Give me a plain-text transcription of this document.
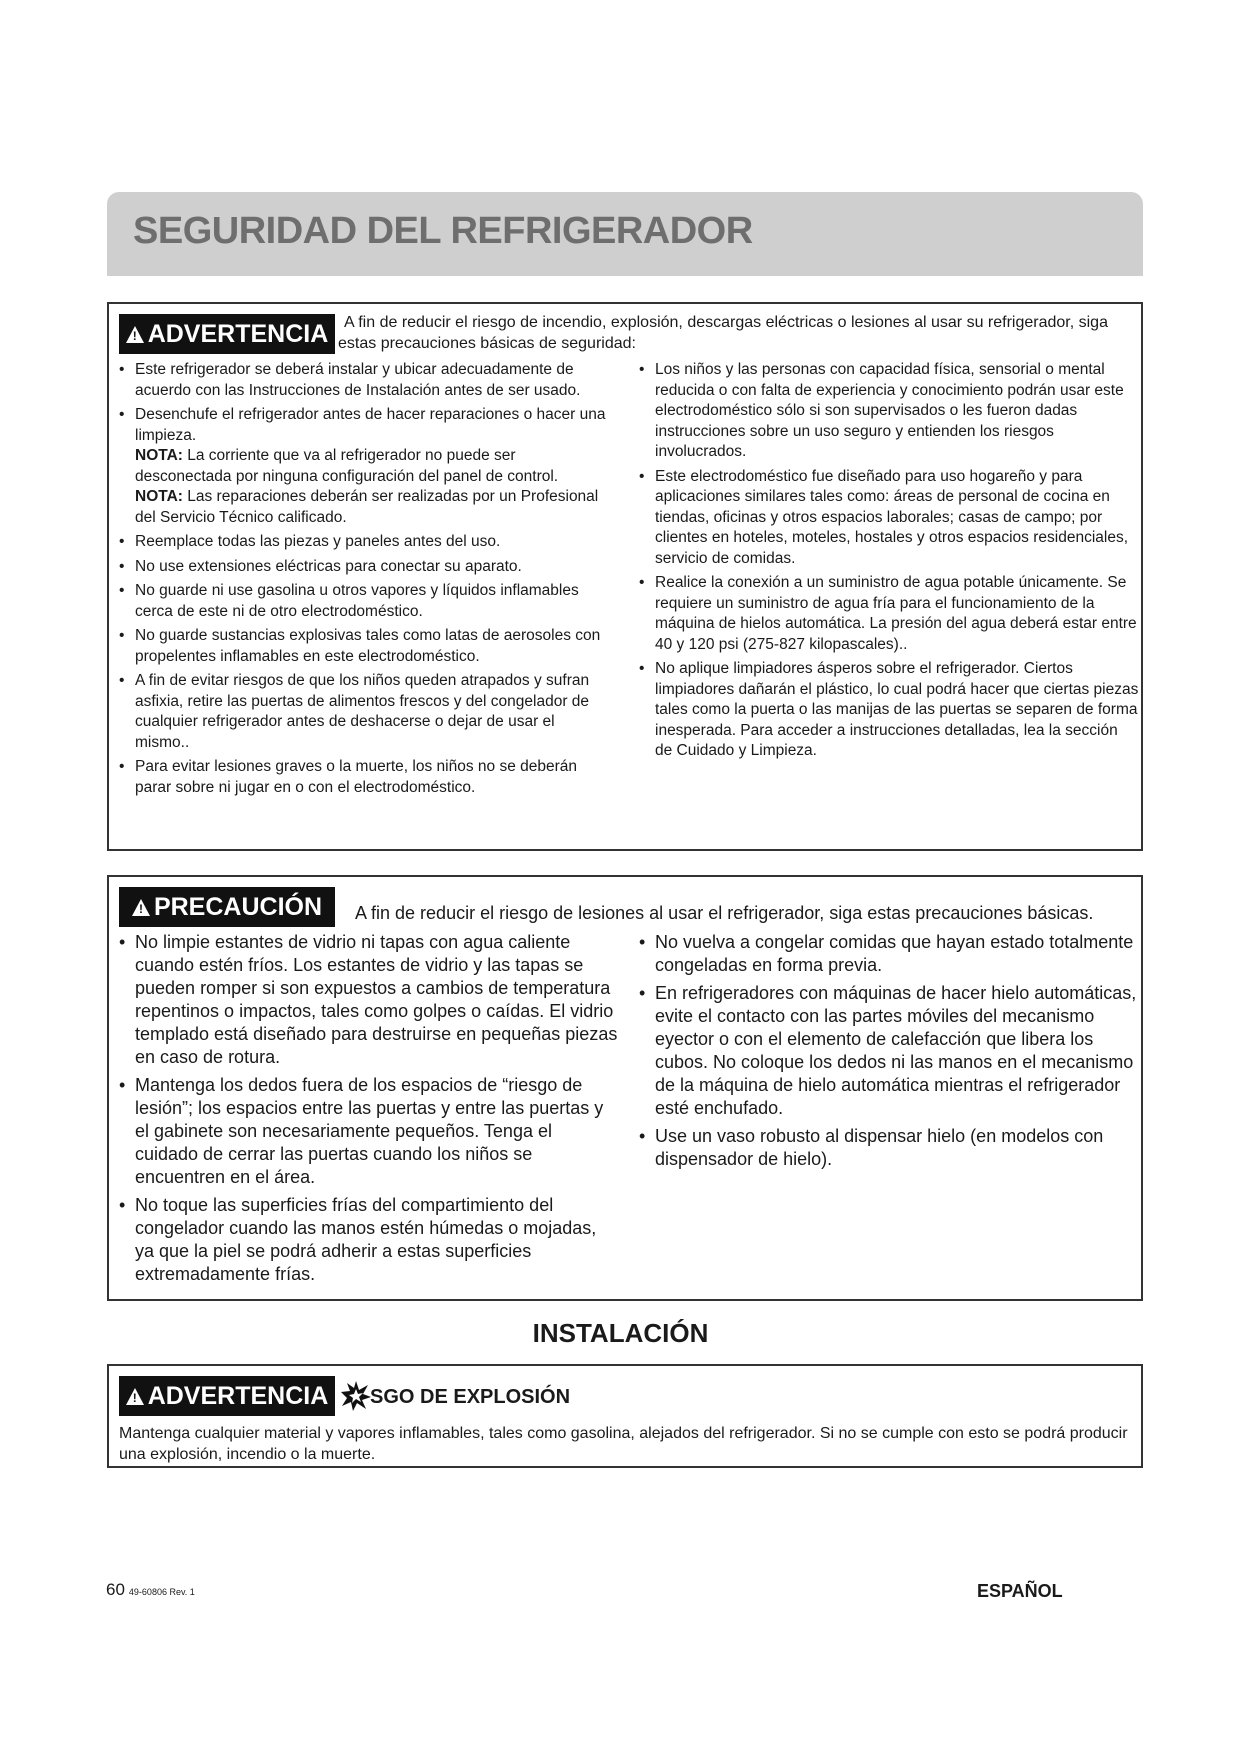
SEGURIDAD DEL REFRIGERADOR
!
ADVERTENCIA A fin de reducir el riesgo de incendio, explosión, descargas eléctricas o lesiones al usar su refrigerador, siga estas precauciones básicas de seguridad:
• Este refrigerador se deberá instalar y ubicar adecuadamente de acuerdo con las Instrucciones de Instalación antes de ser usado.
• Desenchufe el refrigerador antes de hacer reparaciones o hacer una limpieza.
NOTA: La corriente que va al refrigerador no puede ser desconectada por ninguna configuración del panel de control.
NOTA: Las reparaciones deberán ser realizadas por un Profesional del Servicio Técnico calificado.
• Reemplace todas las piezas y paneles antes del uso.
• No use extensiones eléctricas para conectar su aparato.
• No guarde ni use gasolina u otros vapores y líquidos inflamables cerca de este ni de otro electrodoméstico.
• No guarde sustancias explosivas tales como latas de aerosoles con propelentes inflamables en este electrodoméstico.
• A fin de evitar riesgos de que los niños queden atrapados y sufran asfixia, retire las puertas de alimentos frescos y del congelador de cualquier refrigerador antes de deshacerse o dejar de usar el mismo..
• Para evitar lesiones graves o la muerte, los niños no se deberán parar sobre ni jugar en o con el electrodoméstico.
• Los niños y las personas con capacidad física, sensorial o mental reducida o con falta de experiencia y conocimiento podrán usar este electrodoméstico sólo si son supervisados o les fueron dadas instrucciones sobre un uso seguro y entienden los riesgos involucrados.
• Este electrodoméstico fue diseñado para uso hogareño y para aplicaciones similares tales como: áreas de personal de cocina en tiendas, oficinas y otros espacios laborales; casas de campo; por clientes en hoteles, moteles, hostales y otros espacios residenciales, servicio de comidas.
• Realice la conexión a un suministro de agua potable únicamente. Se requiere un suministro de agua fría para el funcionamiento de la máquina de hielos automática. La presión del agua deberá estar entre 40 y 120 psi (275-827 kilopascales)..
• No aplique limpiadores ásperos sobre el refrigerador. Ciertos limpiadores dañarán el plástico, lo cual podrá hacer que ciertas piezas tales como la puerta o las manijas de las puertas se separen de forma inesperada. Para acceder a instrucciones detalladas, lea la sección de Cuidado y Limpieza.
!
PRECAUCIÓN A fin de reducir el riesgo de lesiones al usar el refrigerador, siga estas precauciones básicas.
• No limpie estantes de vidrio ni tapas con agua caliente cuando estén fríos. Los estantes de vidrio y las tapas se pueden romper si son expuestos a cambios de temperatura repentinos o impactos, tales como golpes o caídas. El vidrio templado está diseñado para destruirse en pequeñas piezas en caso de rotura.
• Mantenga los dedos fuera de los espacios de “riesgo de lesión”; los espacios entre las puertas y entre las puertas y el gabinete son necesariamente pequeños. Tenga el cuidado de cerrar las puertas cuando los niños se encuentren en el área.
• No toque las superficies frías del compartimiento del congelador cuando las manos estén húmedas o mojadas, ya que la piel se podrá adherir a estas superficies extremadamente frías.
• No vuelva a congelar comidas que hayan estado totalmente congeladas en forma previa.
• En refrigeradores con máquinas de hacer hielo automáticas, evite el contacto con las partes móviles del mecanismo eyector o con el elemento de calefacción que libera los cubos. No coloque los dedos ni las manos en el mecanismo de la máquina de hielo automática mientras el refrigerador esté enchufado.
• Use un vaso robusto al dispensar hielo (en modelos con dispensador de hielo).
INSTALACIÓN
!
ADVERTENCIA
Mantenga cualquier material y vapores inflamables, tales como gasolina, alejados del refrigerador. Si no se cumple con esto se podrá producir una explosión, incendio o la muerte.
SGO DE EXPLOSIÓN
60 49-60806 Rev. 1	ESPAÑOL
